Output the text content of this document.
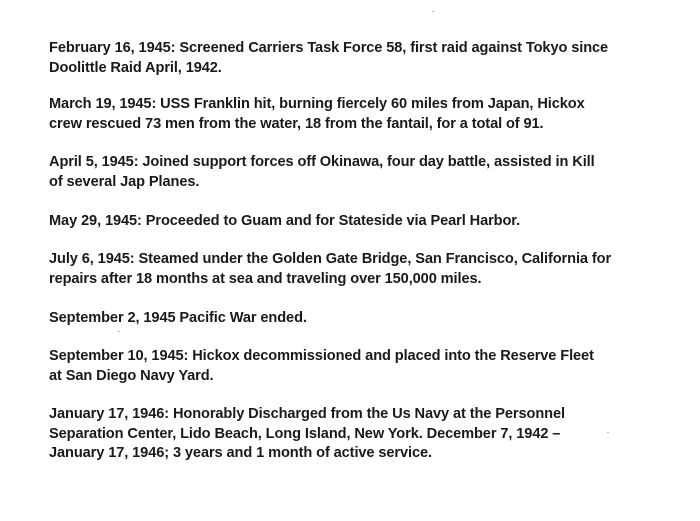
February 16, 1945: Screened Carriers Task Force 58, first raid against Tokyo since
Doolittle Raid April, 1942.

March 19, 1945: USS Franklin hit, burning fiercely 60 miles from Japan, Hickox
crew rescued 73 men from the water, 18 from the fantail, for a total of 91.

April 5, 1945: Joined support forces off Okinawa, four day battle, assisted in Kill
of several Jap Planes.

May 29, 1945: Proceeded to Guam and for Stateside via Pearl Harbor.

July 6, 1945: Steamed under the Golden Gate Bridge, San Francisco, California for
repairs after 18 months at sea and traveling over 150,000 miles.

September 2, 1945 Pacific War ended.

September 10, 1945: Hickox decommissioned and placed into the Reserve Fleet
at San Diego Navy Yard.

January 17, 1946: Honorably Discharged from the Us Navy at the Personnel
Separation Center, Lido Beach, Long Island, New York. December 7, 1942 –
January 17, 1946; 3 years and 1 month of active service.
